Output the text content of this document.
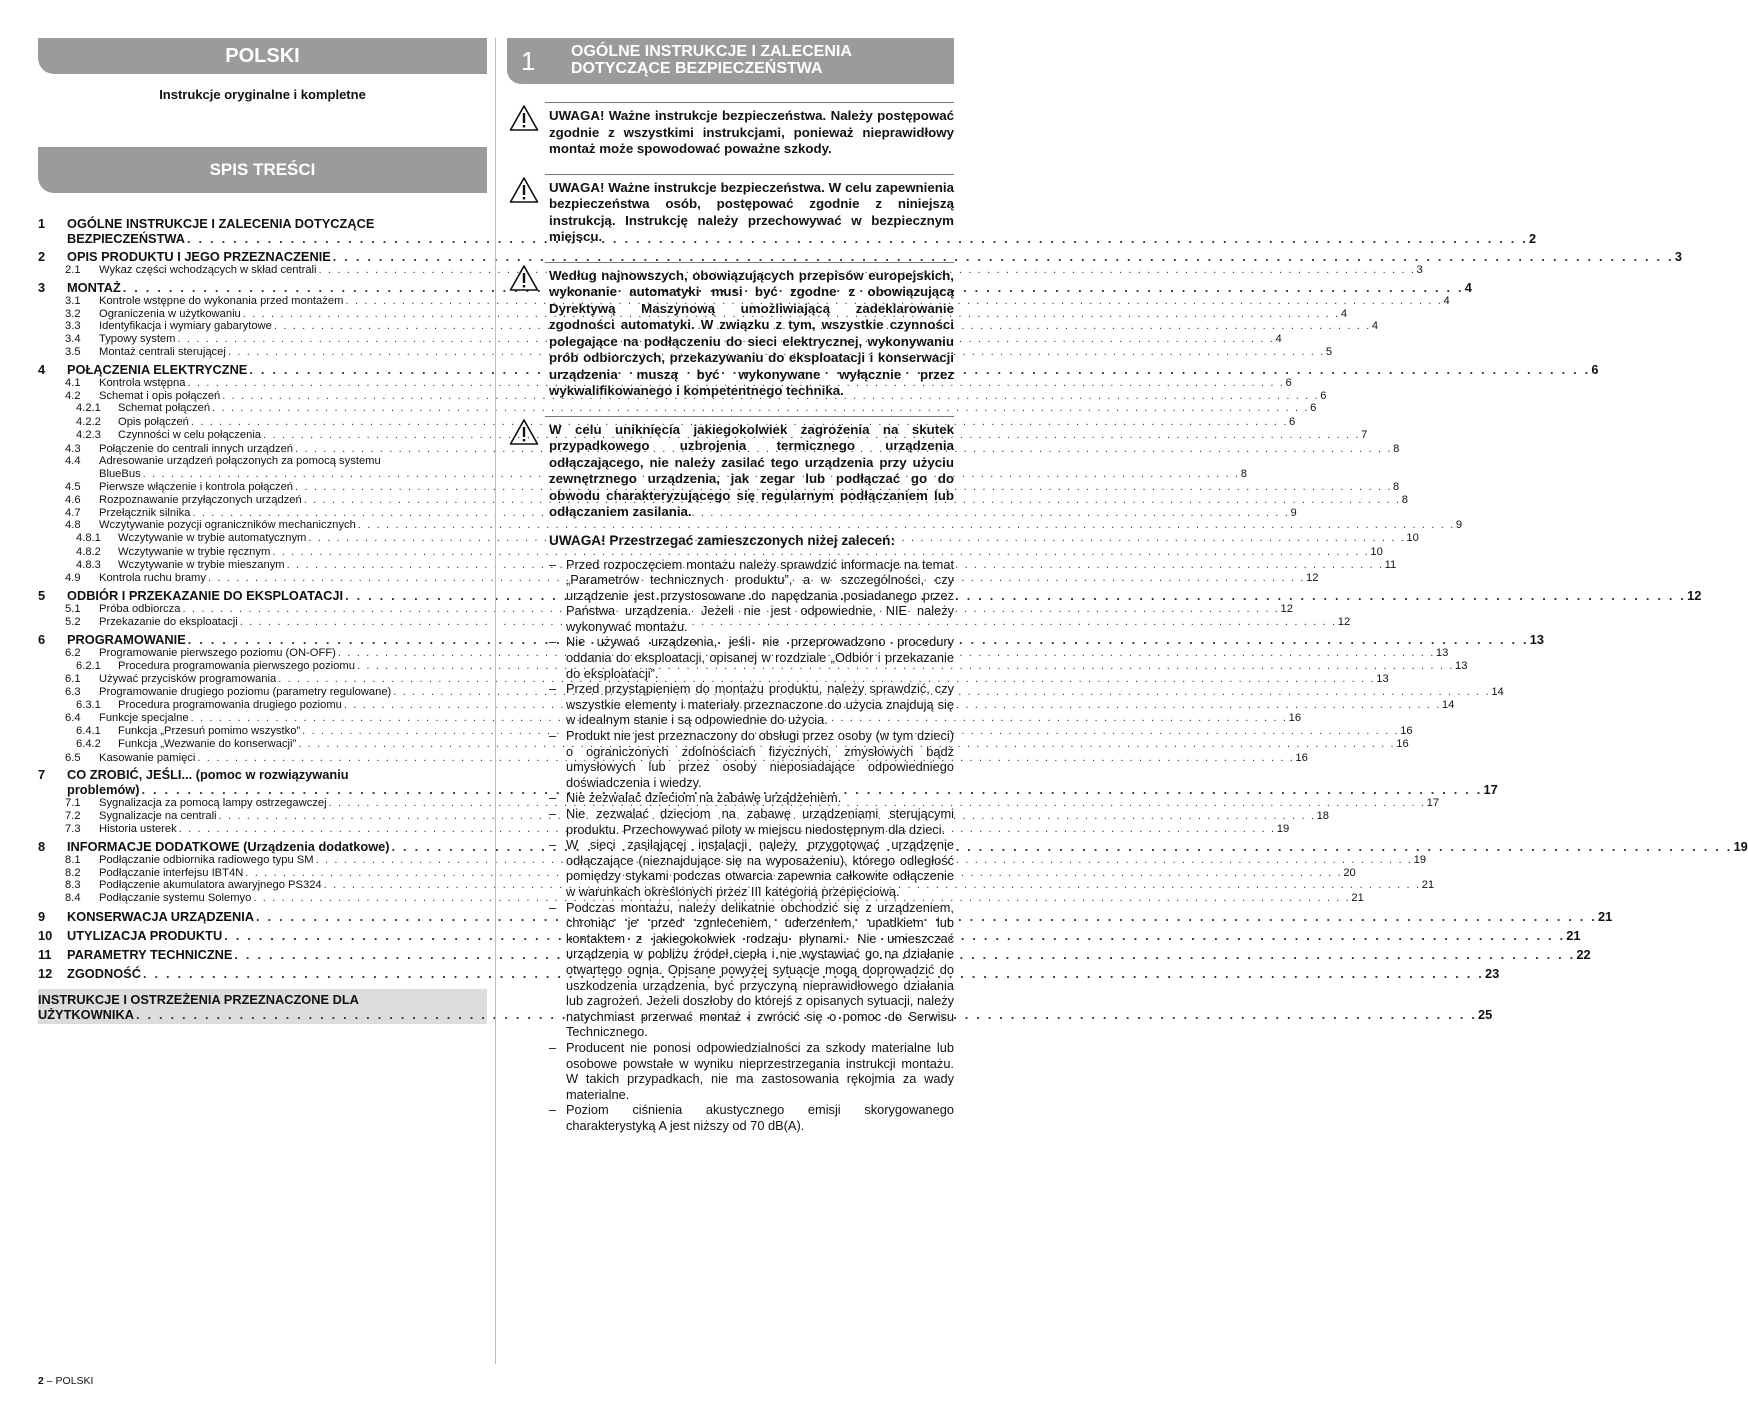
POLSKI
Instrukcje oryginalne i kompletne
SPIS TREŚCI
1	OGÓLNE INSTRUKCJE I ZALECENIA DOTYCZĄCE
BEZPIECZEŃSTWA . . .	2
2	OPIS PRODUKTU I JEGO PRZEZNACZENIE . . .	3
2.1	Wykaz części wchodzących w skład centrali . . .	3
3	MONTAŻ . . .	4
3.1	Kontrole wstępne do wykonania przed montażem . . .	4
3.2	Ograniczenia w użytkowaniu . . .	4
3.3	Identyfikacja i wymiary gabarytowe . . .	4
3.4	Typowy system . . .	4
3.5	Montaż centrali sterującej . . .	5
4	POŁĄCZENIA ELEKTRYCZNE . . .	6
4.1	Kontrola wstępna . . .	6
4.2	Schemat i opis połączeń . . .	6
4.2.1	Schemat połączeń . . .	6
4.2.2	Opis połączeń . . .	6
4.2.3	Czynności w celu połączenia . . .	7
4.3	Połączenie do centrali innych urządzeń . . .	8
4.4	Adresowanie urządzeń połączonych za pomocą systemu
BlueBus . . .	8
4.5	Pierwsze włączenie i kontrola połączeń . . .	8
4.6	Rozpoznawanie przyłączonych urządzeń . . .	8
4.7	Przełącznik silnika . . .	9
4.8	Wczytywanie pozycji ograniczników mechanicznych . . .	9
4.8.1	Wczytywanie w trybie automatycznym . . .	10
4.8.2	Wczytywanie w trybie ręcznym . . .	10
4.8.3	Wczytywanie w trybie mieszanym . . .	11
4.9	Kontrola ruchu bramy . . .	12
5	ODBIÓR I PRZEKAZANIE DO EKSPLOATACJI . . .	12
5.1	Próba odbiorcza . . .	12
5.2	Przekazanie do eksploatacji . . .	12
6	PROGRAMOWANIE . . .	13
6.2	Programowanie pierwszego poziomu (ON-OFF) . . .	13
6.2.1	Procedura programowania pierwszego poziomu . . .	13
6.1	Używać przycisków programowania . . .	13
6.3	Programowanie drugiego poziomu (parametry regulowane) . . .	14
6.3.1	Procedura programowania drugiego poziomu . . .	14
6.4	Funkcje specjalne . . .	16
6.4.1	Funkcja „Przesuń pomimo wszystko” . . .	16
6.4.2	Funkcja „Wezwanie do konserwacji” . . .	16
6.5	Kasowanie pamięci . . .	16
7	CO ZROBIĆ, JEŚLI... (pomoc w rozwiązywaniu
problemów) . . .	17
7.1	Sygnalizacja za pomocą lampy ostrzegawczej . . .	17
7.2	Sygnalizacje na centrali . . .	18
7.3	Historia usterek . . .	19
8	INFORMACJE DODATKOWE (Urządzenia dodatkowe) . . .	19
8.1	Podłączanie odbiornika radiowego typu SM . . .	19
8.2	Podłączanie interfejsu IBT4N . . .	20
8.3	Podłączenie akumulatora awaryjnego PS324 . . .	21
8.4	Podłączanie systemu Solemyo . . .	21
9	KONSERWACJA URZĄDZENIA . . .	21
10	UTYLIZACJA PRODUKTU . . .	21
11	PARAMETRY TECHNICZNE . . .	22
12	ZGODNOŚĆ . . .	23
INSTRUKCJE I OSTRZEŻENIA PRZEZNACZONE DLA
UŻYTKOWNIKA . . .	25
1 OGÓLNE INSTRUKCJE I ZALECENIA
DOTYCZĄCE BEZPIECZEŃSTWA

UWAGA! Ważne instrukcje bezpieczeństwa. Należy postępować zgodnie z wszystkimi instrukcjami, ponieważ nieprawidłowy montaż może spowodować poważne szkody.

UWAGA! Ważne instrukcje bezpieczeństwa. W celu zapewnienia bezpieczeństwa osób, postępować zgodnie z niniejszą instrukcją. Instrukcję należy przechowywać w bezpiecznym miejscu.

Według najnowszych, obowiązujących przepisów europejskich, wykonanie automatyki musi być zgodne z obowiązującą Dyrektywą Maszynową umożliwiającą zadeklarowanie zgodności automatyki. W związku z tym, wszystkie czynności polegające na podłączeniu do sieci elektrycznej, wykonywaniu prób odbiorczych, przekazywaniu do eksploatacji i konserwacji urządzenia muszą być wykonywane wyłącznie przez wykwalifikowanego i kompetentnego technika.

W celu uniknięcia jakiegokolwiek zagrożenia na skutek przypadkowego uzbrojenia termicznego urządzenia odłączającego, nie należy zasilać tego urządzenia przy użyciu zewnętrznego urządzenia, jak zegar lub podłączać go do obwodu charakteryzującego się regularnym podłączaniem lub odłączaniem zasilania.

UWAGA! Przestrzegać zamieszczonych niżej zaleceń:
– Przed rozpoczęciem montażu należy sprawdzić informacje na temat „Parametrów technicznych produktu”, a w szczególności, czy urządzenie jest przystosowane do napędzania posiadanego przez Państwa urządzenia. Jeżeli nie jest odpowiednie, NIE należy wykonywać montażu.
– Nie używać urządzenia, jeśli nie przeprowadzono procedury oddania do eksploatacji, opisanej w rozdziale „Odbiór i przekazanie do eksploatacji”.
– Przed przystąpieniem do montażu produktu, należy sprawdzić, czy wszystkie elementy i materiały przeznaczone do użycia znajdują się w idealnym stanie i są odpowiednie do użycia.
– Produkt nie jest przeznaczony do obsługi przez osoby (w tym dzieci) o ograniczonych zdolnościach fizycznych, zmysłowych bądź umysłowych lub przez osoby nieposiadające odpowiedniego doświadczenia i wiedzy.
– Nie zezwalać dzieciom na zabawę urządzeniem.
– Nie zezwalać dzieciom na zabawę urządzeniami sterującymi produktu. Przechowywać piloty w miejscu niedostępnym dla dzieci.
– W sieci zasilającej instalacji należy przygotować urządzenie odłączające (nieznajdujące się na wyposażeniu), którego odległość pomiędzy stykami podczas otwarcia zapewnia całkowite odłączenie w warunkach określonych przez III kategorią przepięciową.
– Podczas montażu, należy delikatnie obchodzić się z urządzeniem, chroniąc je przed zgnieceniem, uderzeniem, upadkiem lub kontaktem z jakiegokolwiek rodzaju płynami. Nie umieszczać urządzenia w pobliżu źródeł ciepła i nie wystawiać go na działanie otwartego ognia. Opisane powyżej sytuacje mogą doprowadzić do uszkodzenia urządzenia, być przyczyną nieprawidłowego działania lub zagrożeń. Jeżeli doszłoby do którejś z opisanych sytuacji, należy natychmiast przerwać montaż i zwrócić się o pomoc do Serwisu Technicznego.
– Producent nie ponosi odpowiedzialności za szkody materialne lub osobowe powstałe w wyniku nieprzestrzegania instrukcji montażu. W takich przypadkach, nie ma zastosowania rękojmia za wady materialne.
– Poziom ciśnienia akustycznego emisji skorygowanego charakterystyką A jest niższy od 70 dB(A).
2 – POLSKI
